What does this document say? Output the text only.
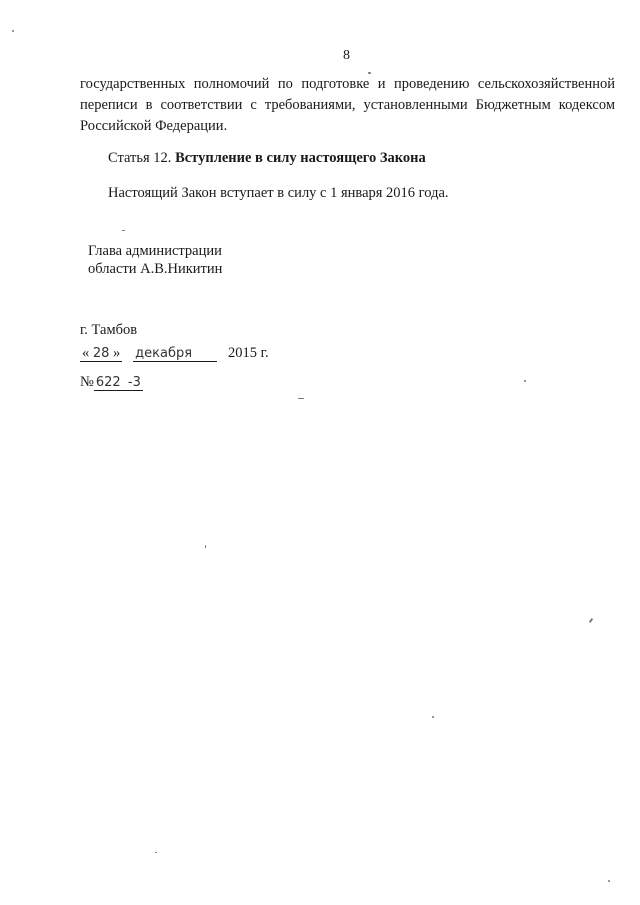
8
государственных полномочий по подготовке и проведению сельскохозяйственной
переписи в соответствии с требованиями, установленными Бюджетным кодексом
Российской Федерации.
Статья 12. Вступление в силу настоящего Закона
Настоящий Закон вступает в силу с 1 января 2016 года.
Глава администрации
области А.В.Никитин
г. Тамбов
« 28 » декабря 2015 г.
№ 622 -3
